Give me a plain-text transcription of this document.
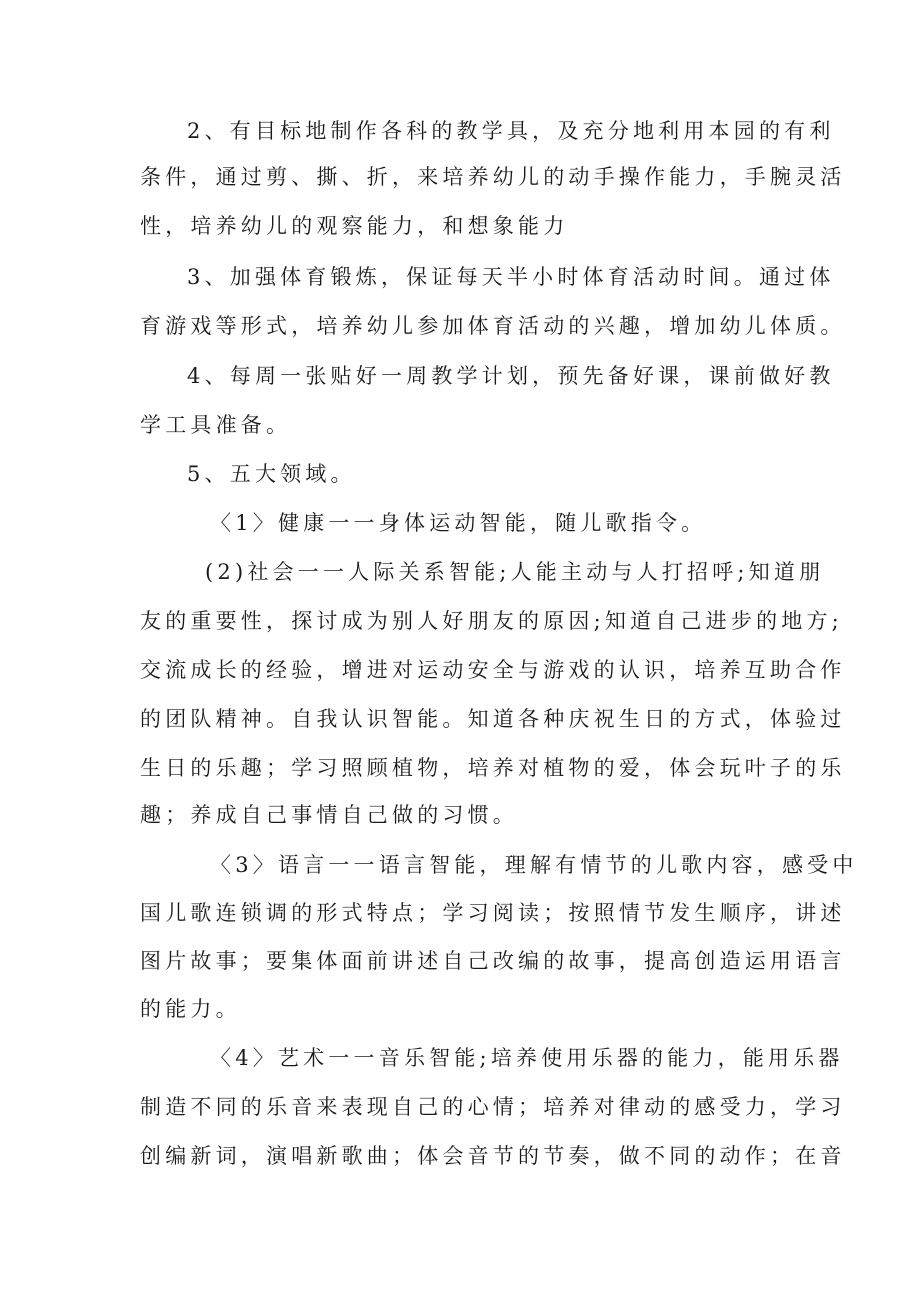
2、有目标地制作各科的教学具，及充分地利用本园的有利
条件，通过剪、撕、折，来培养幼儿的动手操作能力，手腕灵活
性，培养幼儿的观察能力，和想象能力
3、加强体育锻炼，保证每天半小时体育活动时间。通过体
育游戏等形式，培养幼儿参加体育活动的兴趣，增加幼儿体质。
4、每周一张贴好一周教学计划，预先备好课，课前做好教
学工具准备。
5、五大领域。
〈1〉健康一一身体运动智能，随儿歌指令。
(2)社会一一人际关系智能;人能主动与人打招呼;知道朋
友的重要性，探讨成为别人好朋友的原因;知道自己进步的地方;
交流成长的经验，增进对运动安全与游戏的认识，培养互助合作
的团队精神。自我认识智能。知道各种庆祝生日的方式，体验过
生日的乐趣；学习照顾植物，培养对植物的爱，体会玩叶子的乐
趣；养成自己事情自己做的习惯。
〈3〉语言一一语言智能，理解有情节的儿歌内容，感受中
国儿歌连锁调的形式特点；学习阅读；按照情节发生顺序，讲述
图片故事；要集体面前讲述自己改编的故事，提高创造运用语言
的能力。
〈4〉艺术一一音乐智能;培养使用乐器的能力，能用乐器
制造不同的乐音来表现自己的心情；培养对律动的感受力，学习
创编新词，演唱新歌曲；体会音节的节奏，做不同的动作；在音
